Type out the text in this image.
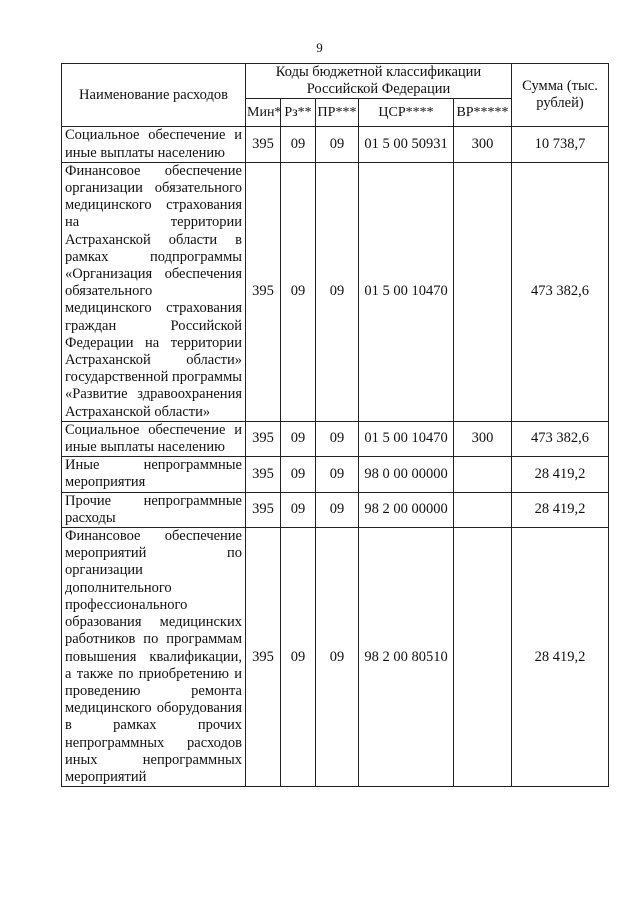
9
Наименование расходов	Коды бюджетной классификации Российской Федерации					Сумма (тыс. рублей)
	Мин*	Рз**	ПР***	ЦСР****	ВР*****	
Социальное обеспечение и иные выплаты населению	395	09	09	01 5 00 50931	300	10 738,7
Финансовое обеспечение организации обязательного медицинского страхования на территории Астраханской области в рамках подпрограммы «Организация обеспечения обязательного медицинского страхования граждан Российской Федерации на территории Астраханской области» государственной программы «Развитие здравоохранения Астраханской области»	395	09	09	01 5 00 10470		473 382,6
Социальное обеспечение и иные выплаты населению	395	09	09	01 5 00 10470	300	473 382,6
Иные непрограммные мероприятия	395	09	09	98 0 00 00000		28 419,2
Прочие непрограммные расходы	395	09	09	98 2 00 00000		28 419,2
Финансовое обеспечение мероприятий по организации дополнительного профессионального образования медицинских работников по программам повышения квалификации, а также по приобретению и проведению ремонта медицинского оборудования в рамках прочих непрограммных расходов иных непрограммных мероприятий	395	09	09	98 2 00 80510		28 419,2
